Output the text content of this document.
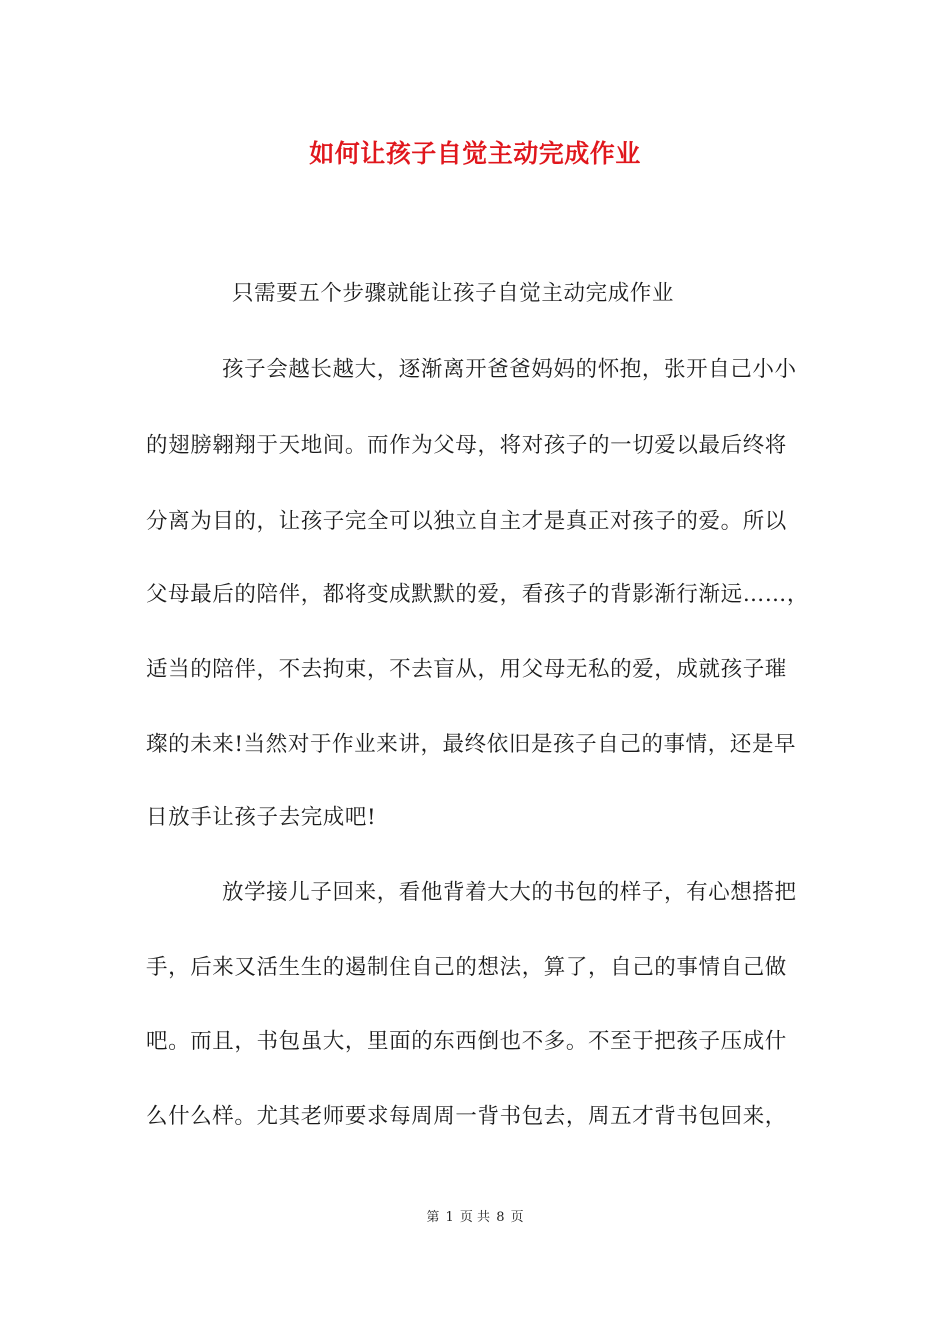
如何让孩子自觉主动完成作业
只需要五个步骤就能让孩子自觉主动完成作业
孩子会越长越大，逐渐离开爸爸妈妈的怀抱，张开自己小小
的翅膀翱翔于天地间。而作为父母，将对孩子的一切爱以最后终将
分离为目的，让孩子完全可以独立自主才是真正对孩子的爱。所以
父母最后的陪伴，都将变成默默的爱，看孩子的背影渐行渐远……，
适当的陪伴，不去拘束，不去盲从，用父母无私的爱，成就孩子璀
璨的未来!当然对于作业来讲，最终依旧是孩子自己的事情，还是早
日放手让孩子去完成吧!
放学接儿子回来，看他背着大大的书包的样子，有心想搭把
手，后来又活生生的遏制住自己的想法，算了，自己的事情自己做
吧。而且，书包虽大，里面的东西倒也不多。不至于把孩子压成什
么什么样。尤其老师要求每周周一背书包去，周五才背书包回来，
第 1 页 共 8 页
